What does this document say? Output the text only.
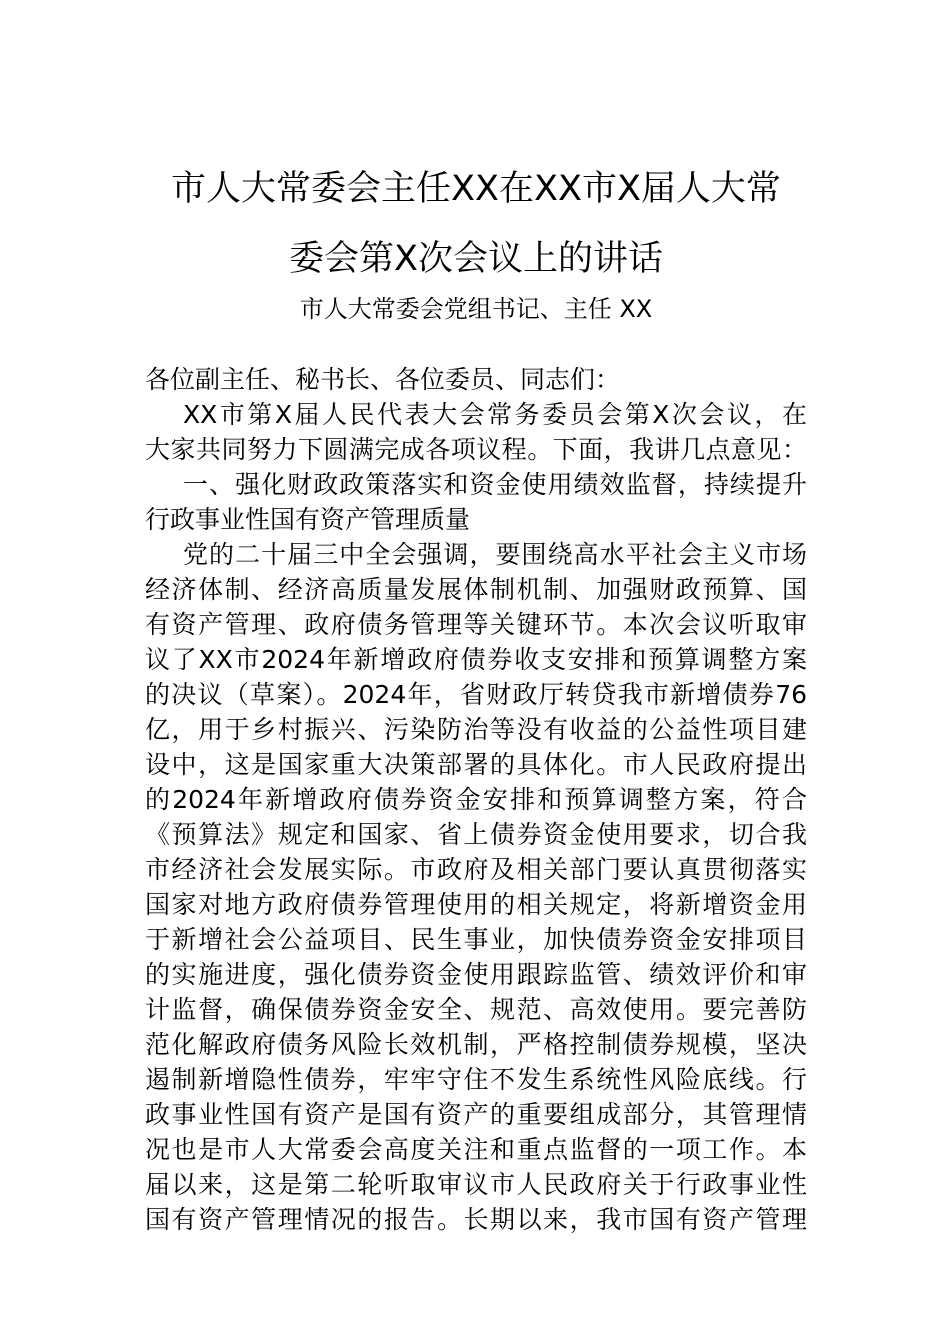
市人大常委会主任XX在XX市X届人大常
委会第X次会议上的讲话
市人大常委会党组书记、主任 XX
各位副主任、秘书长、各位委员、同志们：
XX市第X届人民代表大会常务委员会第X次会议，在
大家共同努力下圆满完成各项议程。下面，我讲几点意见：
一、强化财政政策落实和资金使用绩效监督，持续提升
行政事业性国有资产管理质量
党的二十届三中全会强调，要围绕高水平社会主义市场
经济体制、经济高质量发展体制机制、加强财政预算、国
有资产管理、政府债务管理等关键环节。本次会议听取审
议了XX市2024年新增政府债券收支安排和预算调整方案
的决议（草案）。2024年，省财政厅转贷我市新增债券76
亿，用于乡村振兴、污染防治等没有收益的公益性项目建
设中，这是国家重大决策部署的具体化。市人民政府提出
的2024年新增政府债券资金安排和预算调整方案，符合
《预算法》规定和国家、省上债券资金使用要求，切合我
市经济社会发展实际。市政府及相关部门要认真贯彻落实
国家对地方政府债券管理使用的相关规定，将新增资金用
于新增社会公益项目、民生事业，加快债券资金安排项目
的实施进度，强化债券资金使用跟踪监管、绩效评价和审
计监督，确保债券资金安全、规范、高效使用。要完善防
范化解政府债务风险长效机制，严格控制债券规模，坚决
遏制新增隐性债券，牢牢守住不发生系统性风险底线。行
政事业性国有资产是国有资产的重要组成部分，其管理情
况也是市人大常委会高度关注和重点监督的一项工作。本
届以来，这是第二轮听取审议市人民政府关于行政事业性
国有资产管理情况的报告。长期以来，我市国有资产管理
